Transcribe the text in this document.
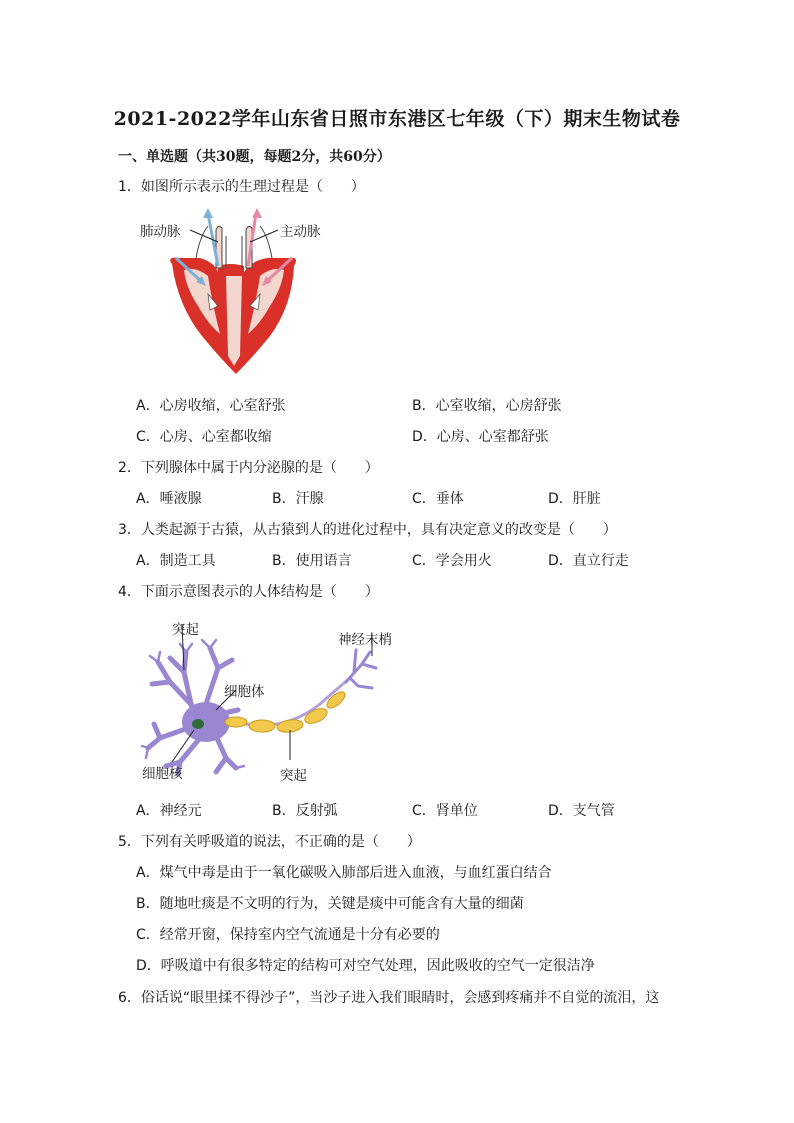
2021-2022学年山东省日照市东港区七年级（下）期末生物试卷
一、单选题（共30题，每题2分，共60分）
1．如图所示表示的生理过程是（　　）
肺动脉	主动脉
A．心房收缩，心室舒张	B．心室收缩，心房舒张
C．心房、心室都收缩	D．心房、心室都舒张
2．下列腺体中属于内分泌腺的是（　　）
A．唾液腺	B．汗腺	C．垂体	D．肝脏
3．人类起源于古猿，从古猿到人的进化过程中，具有决定意义的改变是（　　）
A．制造工具	B．使用语言	C．学会用火	D．直立行走
4．下面示意图表示的人体结构是（　　）
突起
神经末梢
细胞体
细胞核	突起
A．神经元	B．反射弧	C．肾单位	D．支气管
5．下列有关呼吸道的说法，不正确的是（　　）
A．煤气中毒是由于一氧化碳吸入肺部后进入血液，与血红蛋白结合
B．随地吐痰是不文明的行为，关键是痰中可能含有大量的细菌
C．经常开窗，保持室内空气流通是十分有必要的
D．呼吸道中有很多特定的结构可对空气处理，因此吸收的空气一定很洁净
6．俗话说“眼里揉不得沙子”，当沙子进入我们眼睛时，会感到疼痛并不自觉的流泪，这
